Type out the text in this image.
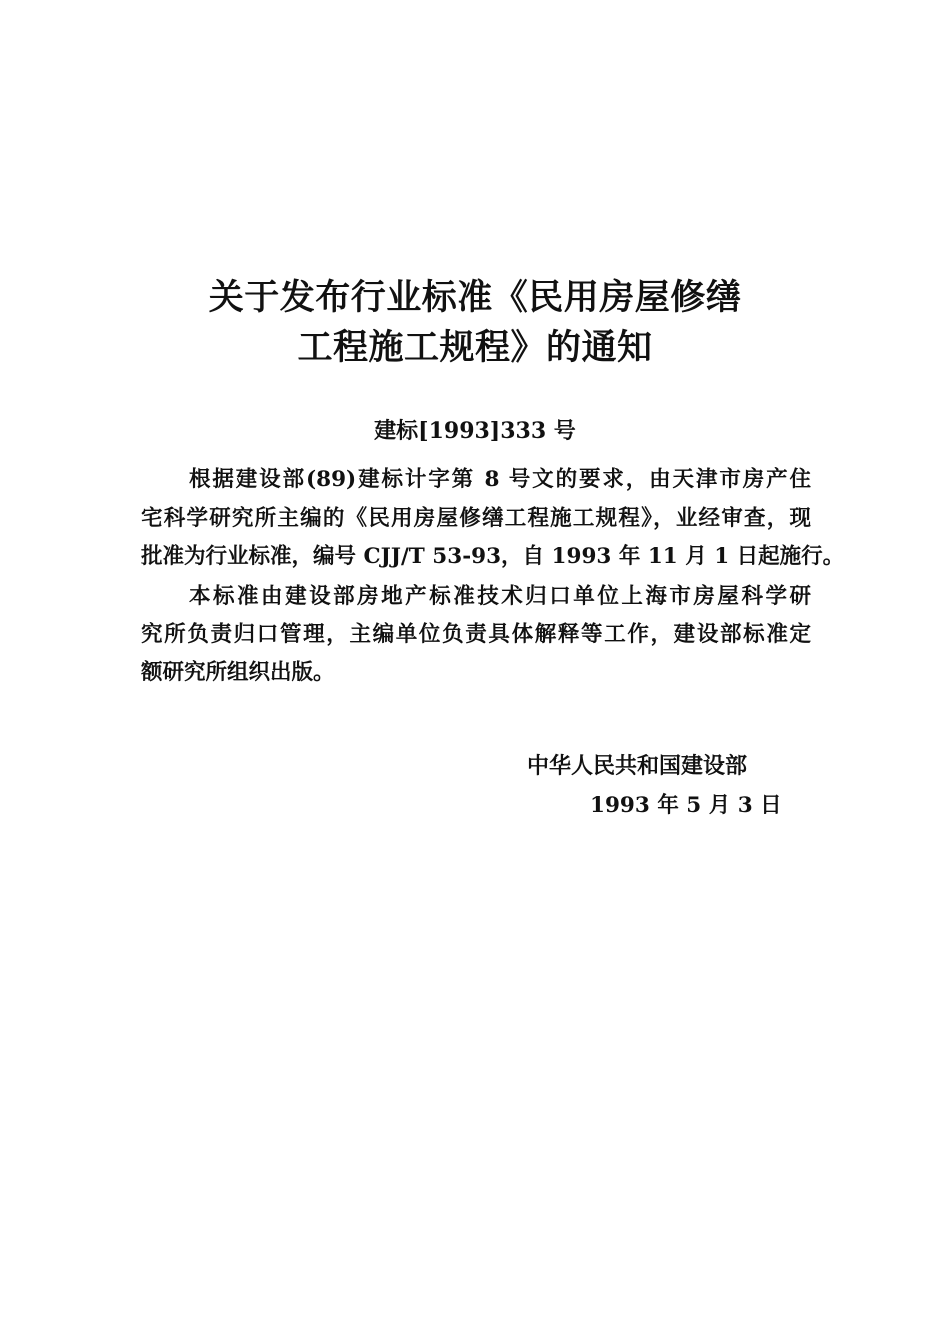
关于发布行业标准《民用房屋修缮
工程施工规程》的通知
建标[1993]333 号
根据建设部(89)建标计字第 8 号文的要求，由天津市房产住
宅科学研究所主编的《民用房屋修缮工程施工规程》，业经审查，现
批准为行业标准，编号 CJJ/T 53-93，自 1993 年 11 月 1 日起施行。
本标准由建设部房地产标准技术归口单位上海市房屋科学研
究所负责归口管理，主编单位负责具体解释等工作，建设部标准定
额研究所组织出版。
中华人民共和国建设部
1993 年 5 月 3 日
